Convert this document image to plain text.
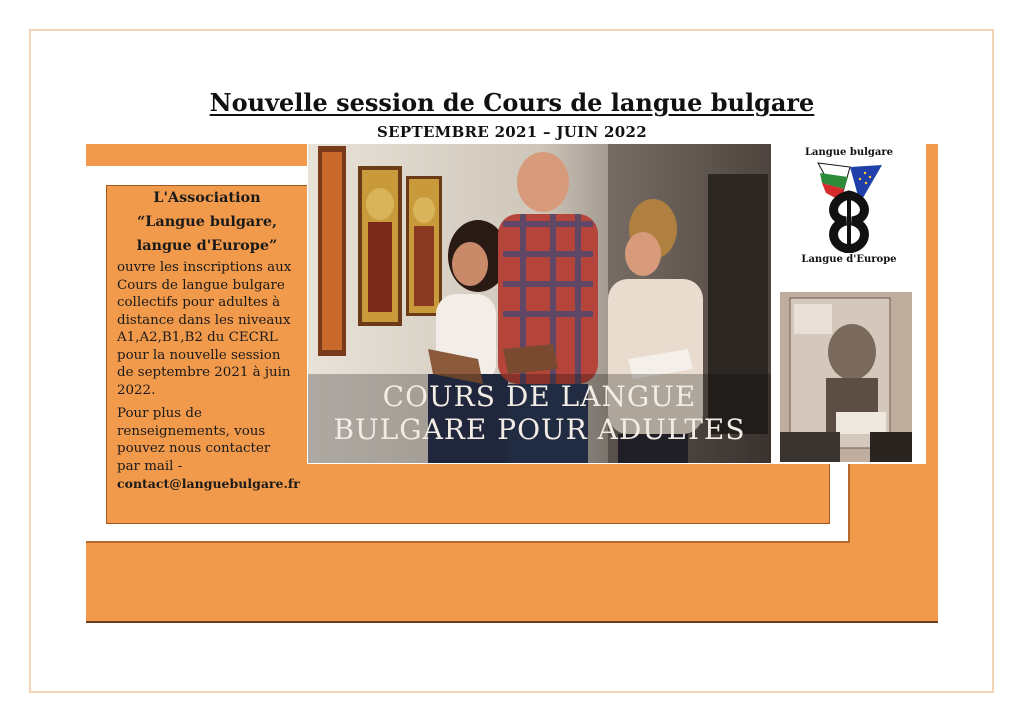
Nouvelle session de Cours de langue bulgare
SEPTEMBRE 2021 – JUIN 2022
L'Association
“Langue bulgare,
langue d'Europe”
ouvre les inscriptions aux Cours de langue bulgare collectifs pour adultes à distance dans les niveaux A1,A2,B1,B2 du CECRL pour la nouvelle session de septembre 2021 à juin 2022.
Pour plus de renseignements, vous pouvez nous contacter par mail -
contact@languebulgare.fr
COURS DE LANGUE
BULGARE POUR ADULTES
Langue bulgare
Langue d'Europe
